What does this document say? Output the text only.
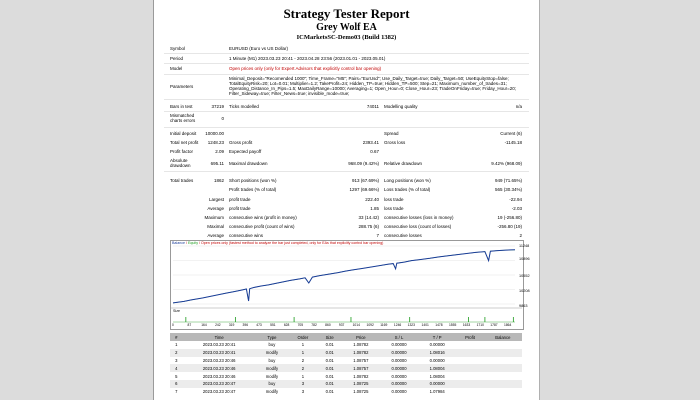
Strategy Tester Report
Grey Wolf EA
ICMarketsSC-Demo03 (Build 1382)
Symbol	EURUSD (Euro vs US Dollar)
Period	1 Minute (M1) 2023.03.23 20:41 - 2023.04.28 23:56 (2023.01.01 - 2023.05.01)
Model	Open prices only (only for Expert Advisors that explicitly control bar opening)
Parameters
Minimal_Deposit="Recomended 1000"; Time_Frame="M5"; Pairs="EurUsd"; Use_Daily_Target=true; Daily_Target=50; UseEquityStop=false;
TotalEquityRisk=20; Lot=0.01; Multiplier=1.2; TakeProfit=24; Hidden_TP=true; Hidden_TP=500; Step=21; Maximum_number_of_trades=31;
Operating_Distance_In_Pips=1.5; MaxDailyRange=10000; Averaging=1; Open_Hour=0; Close_Hour=23; TradeOnFriday=true; Friday_Hour=20;
Filter_Sideway=true; Filter_News=true; invisible_mode=true;
Bars in test	37219 Ticks modelled	74011 Modelling quality	n/a
Mismatched
charts errors	0
Initial deposit	10000.00	Spread	Current (6)
Total net profit	1248.23 Gross profit	2393.41 Gross loss	-1145.18
Profit factor	2.09 Expected payoff	0.67
Absolute
drawdown	695.11 Maximal drawdown	968.09 (9.42%) Relative drawdown	9.42% (968.09)
Total trades	1862 Short positions (won %)	913 (67.69%) Long positions (won %)	949 (71.65%)
Profit trades (% of total)	1297 (69.66%) Loss trades (% of total)	565 (30.34%)
Largest profit trade	222.40 loss trade	-22.94
Average profit trade	1.85 loss trade	-2.03
Maximum consecutive wins (profit in money)	33 (14.42) consecutive losses (loss in money)	19 (-256.80)
Maximal consecutive profit (count of wins)	288.75 (6) consecutive loss (count of losses)	-256.80 (19)
Average consecutive wins	7 consecutive losses	2
Balance / Equity / Open prices only (fastest method to analyze the bar just completed, only for EAs that explicitly control bar opening)
11248
10896
10552
10208
9863
Size
0	87	164	242 319 396 473	551 628 705 782	860 937 1014 1092 1169 1246 1323 1401 1478 1555 1633 1710 1787 1864
#	Time	Type	Order	Size	Price	S / L	T / P	Profit	Balance
1	2023.03.23 20:41	buy	1	0.01	1.08782	0.00000	0.00000		
2	2023.03.23 20:41	modify	1	0.01	1.08782	0.00000	1.08016		
3	2023.03.23 20:46	buy	2	0.01	1.08757	0.00000	0.00000		
4	2023.03.23 20:46	modify	2	0.01	1.08757	0.00000	1.08004		
5	2023.03.23 20:46	modify	1	0.01	1.08782	0.00000	1.08004		
6	2023.03.23 20:47	buy	3	0.01	1.08725	0.00000	0.00000		
7	2023.03.23 20:47	modify	3	0.01	1.08725	0.00000	1.07984		
